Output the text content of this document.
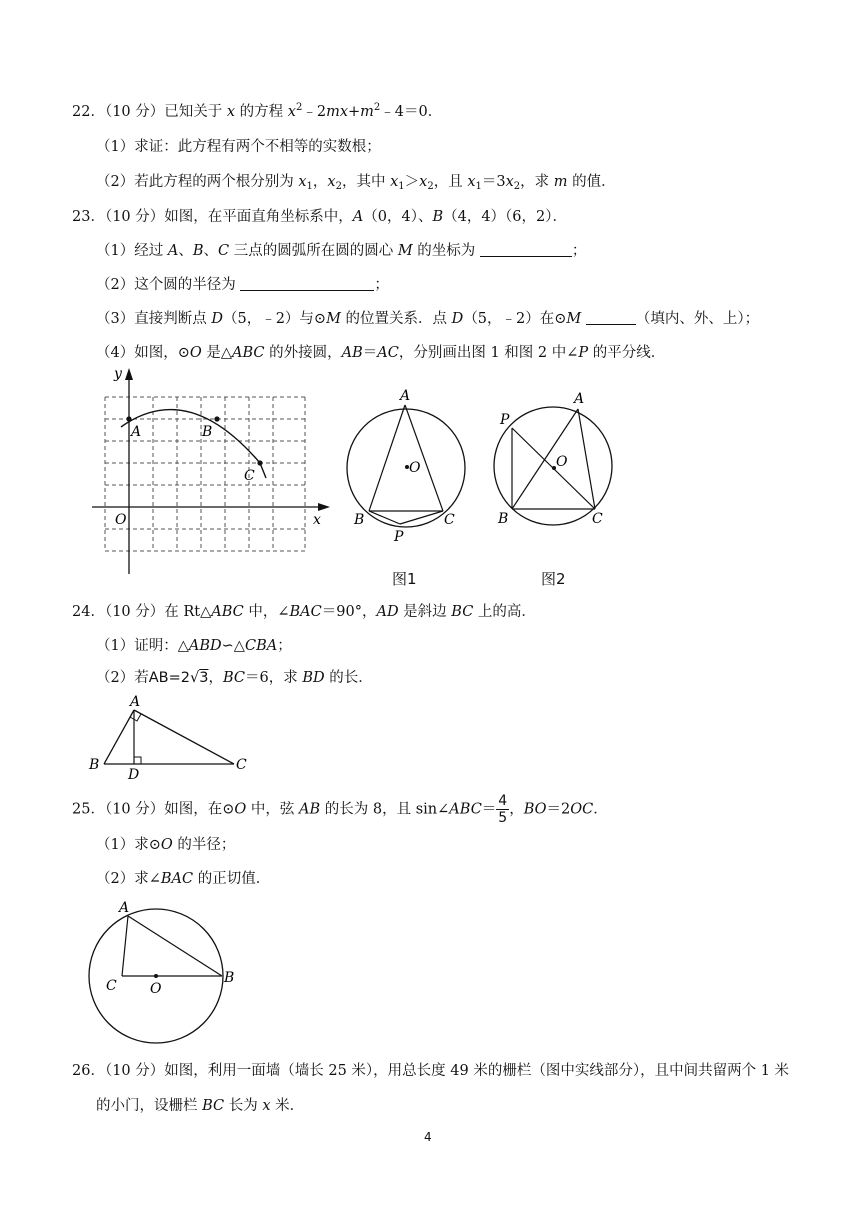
22．（10 分）已知关于 x 的方程 $x^2﹣2mx+m^2﹣4=0$．
（1）求证：此方程有两个不相等的实数根；
（2）若此方程的两个根分别为 $x_1$，$x_2$，其中 $x_1>x_2$，且 $x_1=3x_2$，求 m 的值．
23．（10 分）如图，在平面直角坐标系中，A（0，4）、B（4，4）（6，2）．
（1）经过 A、B、C 三点的圆弧所在圆的圆心 M 的坐标为	；
（2）这个圆的半径为	；
（3）直接判断点 D（5，﹣2）与⊙M 的位置关系．点 D（5，﹣2）在⊙M	（填内、外、上）；
（4）如图，⊙O 是△ABC 的外接圆，AB＝AC，分别画出图 1 和图 2 中∠P 的平分线．
y
x
O
A	B
C
A
B	C
O
P
A
P
O
B	C
图1	图2
24．（10 分）在 Rt△ABC 中，∠BAC＝90°，AD 是斜边 BC 上的高．
（1）证明：△ABD∽△CBA；
（2）若AB=2√3，BC＝6，求 BD 的长．
A
B	C
D
25．（10 分）如图，在⊙O 中，弦 AB 的长为 8，且 sin∠ABC＝ $\frac{4}{5}$ ，BO＝2OC．
（1）求⊙O 的半径；
（2）求∠BAC 的正切值．
A
C O
B
26．（10 分）如图，利用一面墙（墙长 25 米），用总长度 49 米的栅栏（图中实线部分），且中间共留两个 1 米
的小门，设栅栏 BC 长为 x 米．
4
